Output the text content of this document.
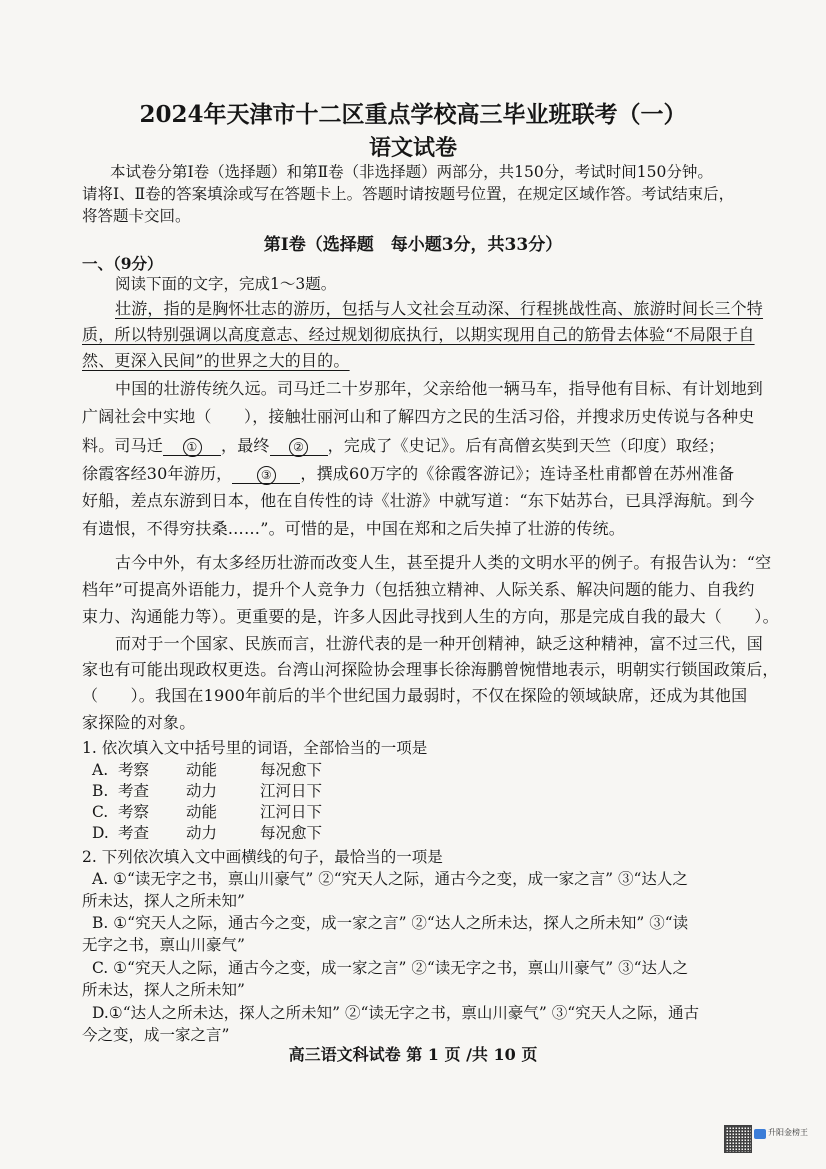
2024年天津市十二区重点学校高三毕业班联考（一）
语文试卷
本试卷分第Ⅰ卷（选择题）和第Ⅱ卷（非选择题）两部分，共150分，考试时间150分钟。
请将Ⅰ、Ⅱ卷的答案填涂或写在答题卡上。答题时请按题号位置，在规定区域作答。考试结束后，
将答题卡交回。
第Ⅰ卷（选择题　每小题3分，共33分）
一、（9分）
阅读下面的文字，完成1～3题。
壮游，指的是胸怀壮志的游历，包括与人文社会互动深、行程挑战性高、旅游时间长三个特
质，所以特别强调以高度意志、经过规划彻底执行，以期实现用自己的筋骨去体验“不局限于自
然、更深入民间”的世界之大的目的。
中国的壮游传统久远。司马迁二十岁那年，父亲给他一辆马车，指导他有目标、有计划地到
广阔社会中实地（　　），接触壮丽河山和了解四方之民的生活习俗，并搜求历史传说与各种史
料。司马迁 ① ，最终 ② ，完成了《史记》。后有高僧玄奘到天竺（印度）取经；
徐霞客经30年游历， ③ ，撰成60万字的《徐霞客游记》；连诗圣杜甫都曾在苏州准备
好船，差点东游到日本，他在自传性的诗《壮游》中就写道：“东下姑苏台，已具浮海航。到今
有遗恨，不得穷扶桑……”。可惜的是，中国在郑和之后失掉了壮游的传统。
古今中外，有太多经历壮游而改变人生，甚至提升人类的文明水平的例子。有报告认为：“空
档年”可提高外语能力，提升个人竞争力（包括独立精神、人际关系、解决问题的能力、自我约
束力、沟通能力等）。更重要的是，许多人因此寻找到人生的方向，那是完成自我的最大（　　）。
而对于一个国家、民族而言，壮游代表的是一种开创精神，缺乏这种精神，富不过三代，国
家也有可能出现政权更迭。台湾山河探险协会理事长徐海鹏曾惋惜地表示，明朝实行锁国政策后，
（　　）。我国在1900年前后的半个世纪国力最弱时，不仅在探险的领域缺席，还成为其他国
家探险的对象。
1. 依次填入文中括号里的词语，全部恰当的一项是
A. 考察 动能	每况愈下
B. 考查 动力	江河日下
C. 考察 动能	江河日下
D. 考查 动力	每况愈下
2. 下列依次填入文中画横线的句子，最恰当的一项是
A. ①“读无字之书，禀山川豪气” ②“究天人之际，通古今之变，成一家之言” ③“达人之
所未达，探人之所未知”
B. ①“究天人之际，通古今之变，成一家之言” ②“达人之所未达，探人之所未知” ③“读
无字之书，禀山川豪气”
C. ①“究天人之际，通古今之变，成一家之言” ②“读无字之书，禀山川豪气” ③“达人之
所未达，探人之所未知”
D.①“达人之所未达，探人之所未知” ②“读无字之书，禀山川豪气” ③“究天人之际，通古
今之变，成一家之言”
高三语文科试卷 第 1 页 /共 10 页
升阳金榜王
